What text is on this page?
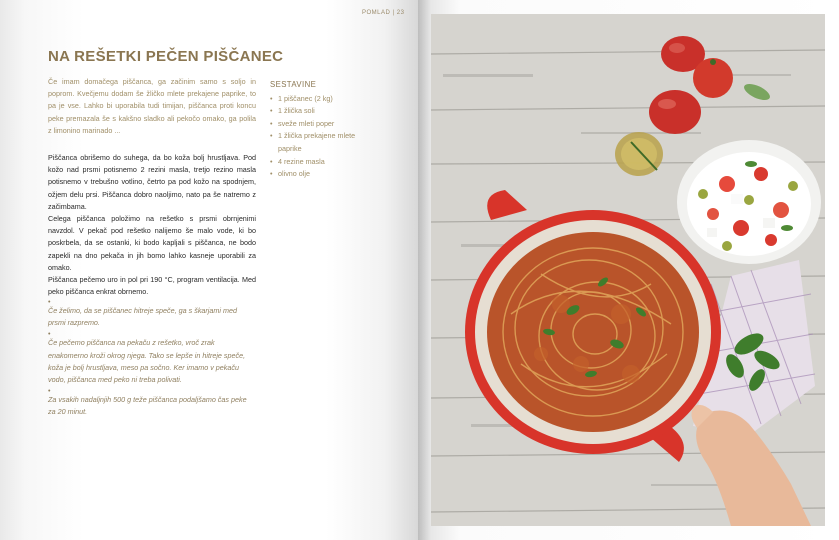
NA REŠETKI PEČEN PIŠČANEC

Če imam domačega piščanca, ga začinim samo s soljo in poprom. Kvečjemu dodam še žličko mlete prekajene paprike, to pa je vse. Lahko bi uporabila tudi timijan, piščanca proti koncu peke premazala še s kakšno sladko ali pekočo omako, ga polila z limonino marinado ...

Piščanca obrišemo do suhega, da bo koža bolj hrustljava. Pod kožo nad prsmi potisnemo 2 rezini masla, tretjo rezino masla potisnemo v trebušno votlino, četrto pa pod kožo na spodnjem, ožjem delu prsi. Piščanca dobro naoljimo, nato pa še natremo z začimbama.

Celega piščanca položimo na rešetko s prsmi obrnjenimi navzdol. V pekač pod rešetko nalijemo še malo vode, ki bo poskrbela, da se ostanki, ki bodo kapljali s piščanca, ne bodo zapekli na dno pekača in jih bomo lahko kasneje uporabili za omako.

Piščanca pečemo uro in pol pri 190 °C, program ventilacija. Med peko piščanca enkrat obrnemo.

•

Če želimo, da se piščanec hitreje speče, ga s škarjami med prsmi razpremo.

•

Če pečemo piščanca na pekaču z rešetko, vroč zrak enakomerno kroži okrog njega. Tako se lepše in hitreje speče, koža je bolj hrustljava, meso pa sočno. Ker imamo v pekaču vodo, piščanca med peko ni treba polivati.

•

Za vsakih nadaljnjih 500 g teže piščanca podaljšamo čas peke za 20 minut.

SESTAVINE
• 1 piščanec (2 kg)
• 1 žlička soli
• sveže mleti poper
• 1 žlička prekajene mlete paprike
• 4 rezine masla
• olivno olje
POMLAD | 23
